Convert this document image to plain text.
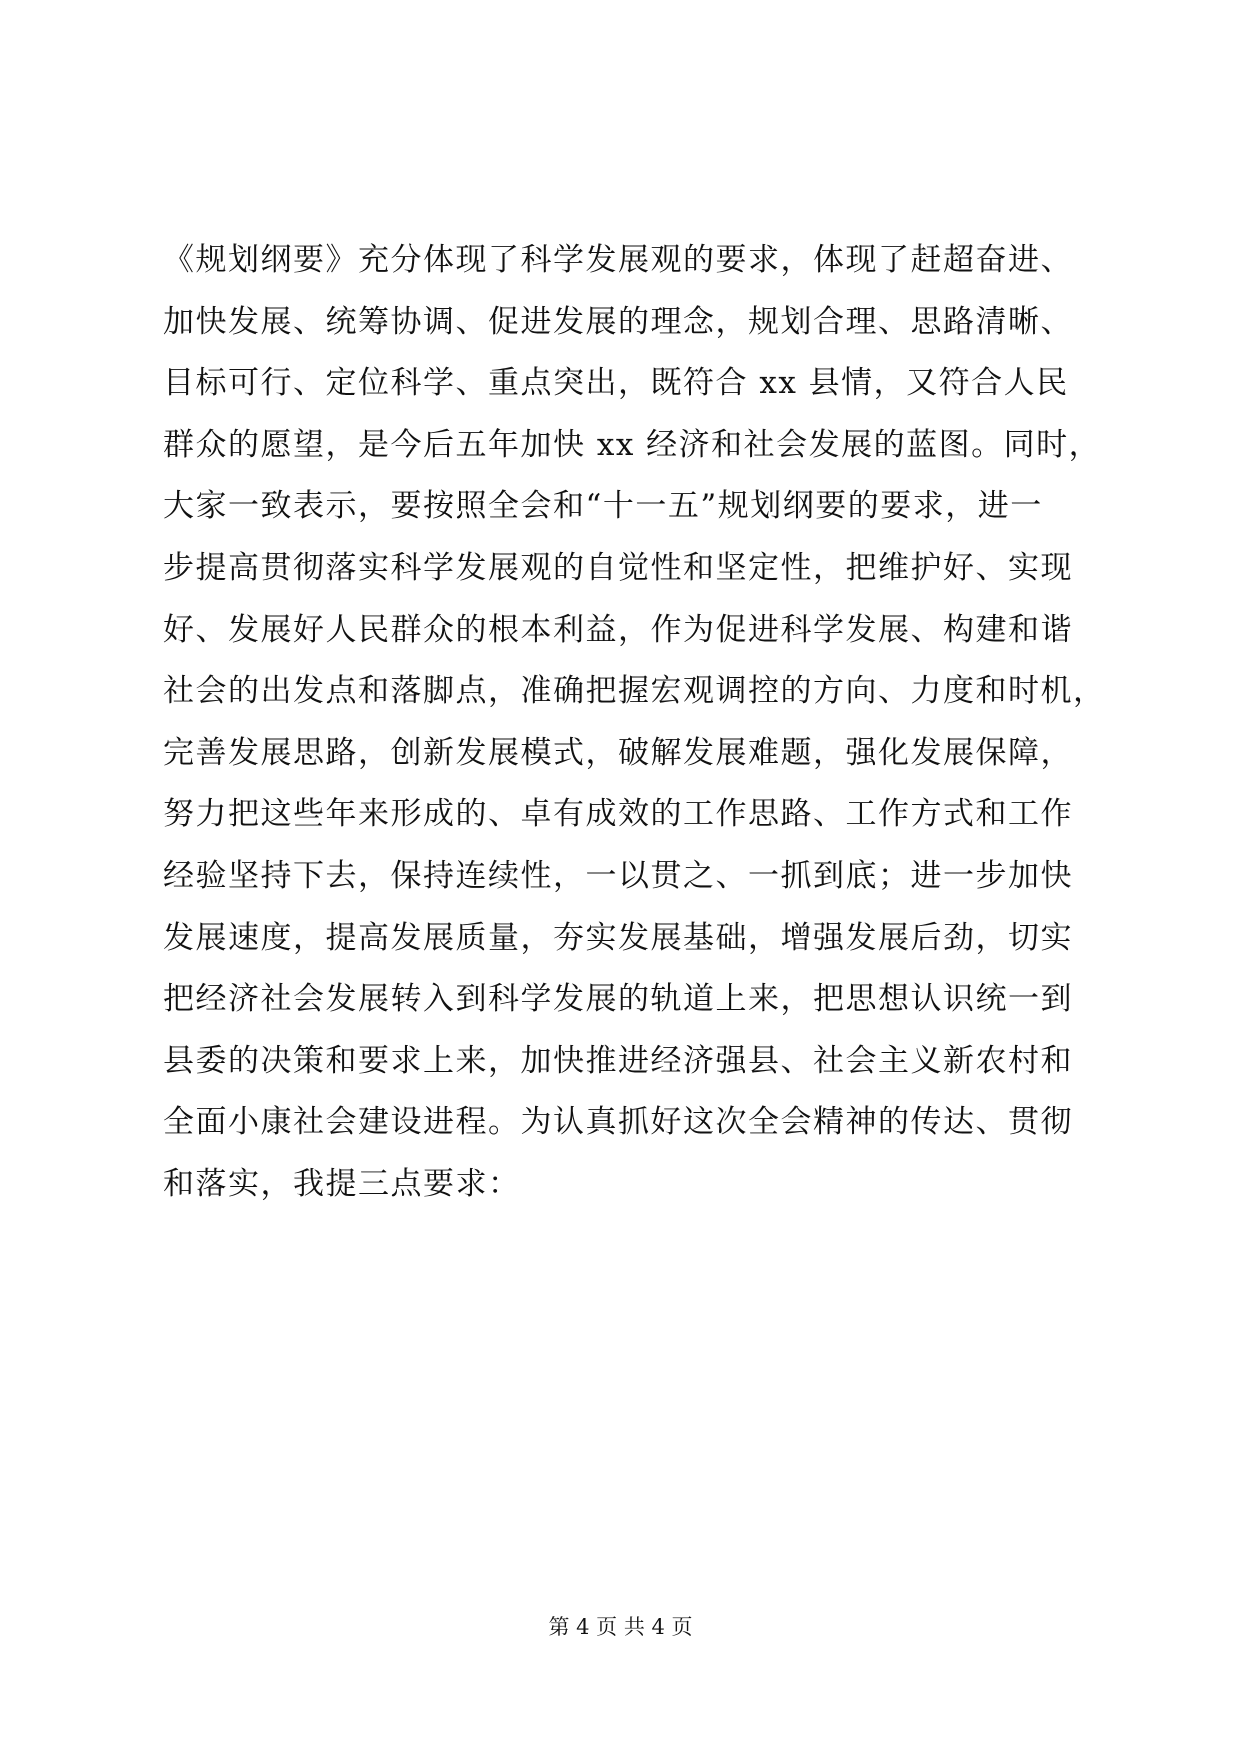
《规划纲要》充分体现了科学发展观的要求，体现了赶超奋进、
加快发展、统筹协调、促进发展的理念，规划合理、思路清晰、
目标可行、定位科学、重点突出，既符合 xx 县情，又符合人民
群众的愿望，是今后五年加快 xx 经济和社会发展的蓝图。同时，
大家一致表示，要按照全会和“十一五”规划纲要的要求，进一
步提高贯彻落实科学发展观的自觉性和坚定性，把维护好、实现
好、发展好人民群众的根本利益，作为促进科学发展、构建和谐
社会的出发点和落脚点，准确把握宏观调控的方向、力度和时机，
完善发展思路，创新发展模式，破解发展难题，强化发展保障，
努力把这些年来形成的、卓有成效的工作思路、工作方式和工作
经验坚持下去，保持连续性，一以贯之、一抓到底；进一步加快
发展速度，提高发展质量，夯实发展基础，增强发展后劲，切实
把经济社会发展转入到科学发展的轨道上来，把思想认识统一到
县委的决策和要求上来，加快推进经济强县、社会主义新农村和
全面小康社会建设进程。为认真抓好这次全会精神的传达、贯彻
和落实，我提三点要求：
第 4 页 共 4 页
